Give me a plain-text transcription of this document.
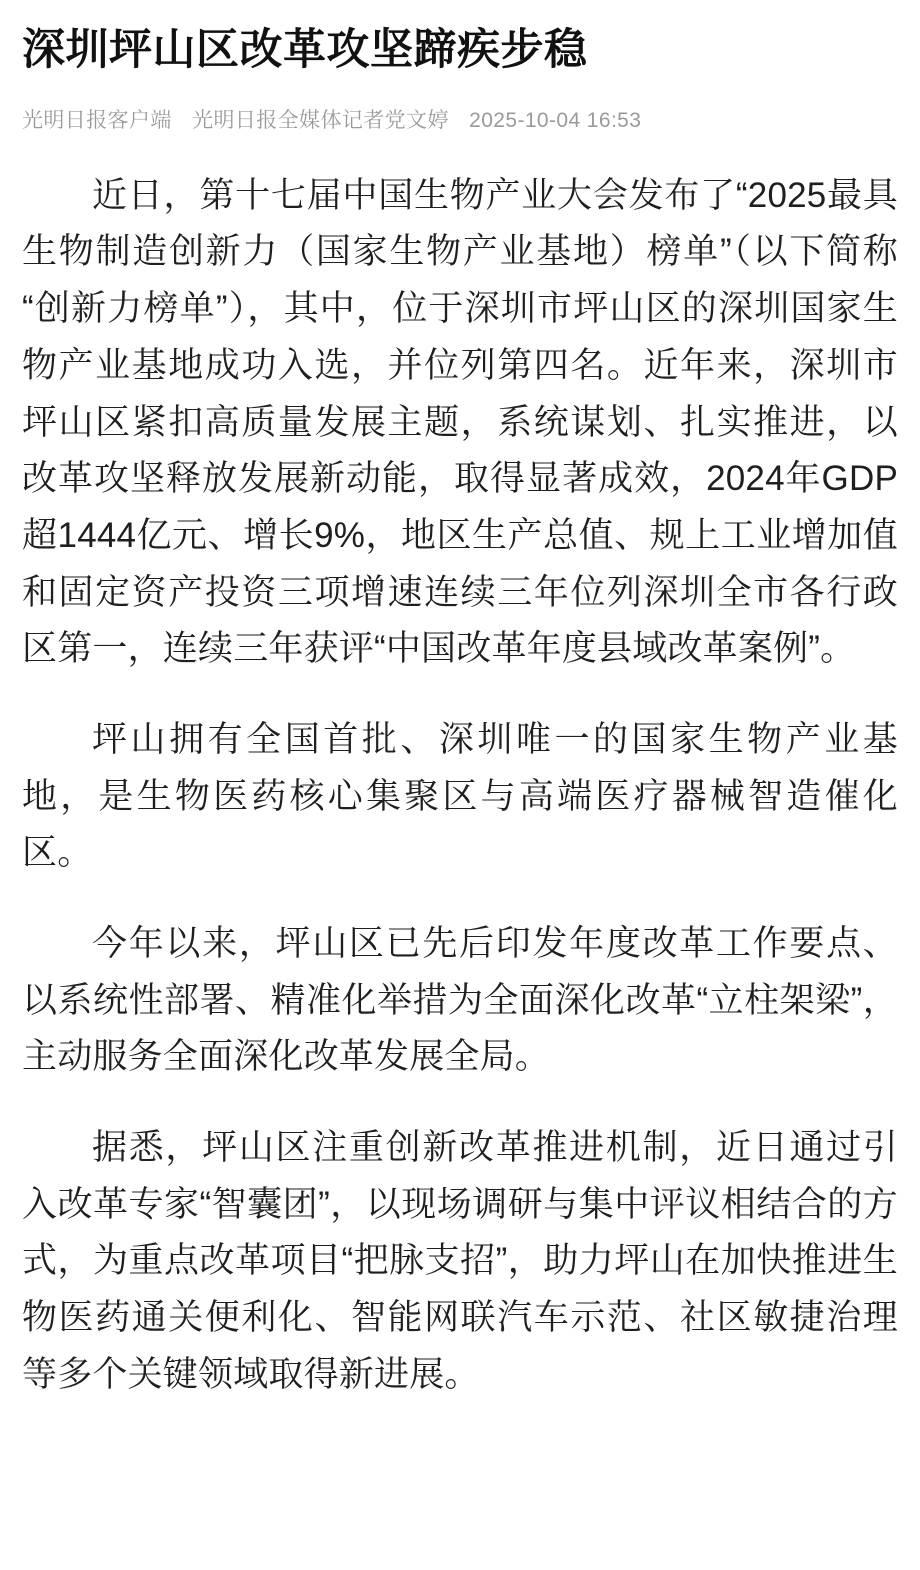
深圳坪山区改革攻坚蹄疾步稳
光明日报客户端 光明日报全媒体记者党文婷 2025-10-04 16:53

近日，第十七届中国生物产业大会发布了“2025最具生物制造创新力（国家生物产业基地）榜单”（以下简称“创新力榜单”），其中，位于深圳市坪山区的深圳国家生物产业基地成功入选，并位列第四名。近年来，深圳市坪山区紧扣高质量发展主题，系统谋划、扎实推进，以改革攻坚释放发展新动能，取得显著成效，2024年GDP超1444亿元、增长9%，地区生产总值、规上工业增加值和固定资产投资三项增速连续三年位列深圳全市各行政区第一，连续三年获评“中国改革年度县域改革案例”。

坪山拥有全国首批、深圳唯一的国家生物产业基地，是生物医药核心集聚区与高端医疗器械智造催化区。

今年以来，坪山区已先后印发年度改革工作要点、以系统性部署、精准化举措为全面深化改革“立柱架梁”，主动服务全面深化改革发展全局。

据悉，坪山区注重创新改革推进机制，近日通过引入改革专家“智囊团”，以现场调研与集中评议相结合的方式，为重点改革项目“把脉支招”，助力坪山在加快推进生物医药通关便利化、智能网联汽车示范、社区敏捷治理等多个关键领域取得新进展。
